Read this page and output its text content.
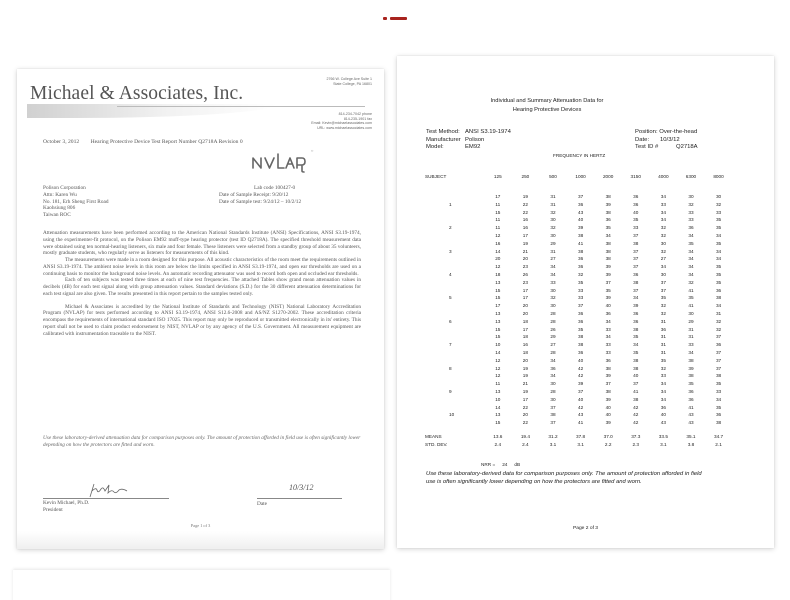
Michael & Associates, Inc.
2766 W. College Ave Suite 1
State College, PA 16801
814-234-7042 phone
814-235-1901 fax
Email: Kevin@michaelassociates.com
URL: www.michaelassociates.com
October 3, 2012 Hearing Protective Device Test Report Number Q2718A Revision 0
®
Polison Corporation
Attn: Karen Wu
No. 181, Erh Sheng First Road
Kaohsiung 806
Taiwan ROC
Lab code 100427-0
Date of Sample Receipt: 9/20/12
Date of Sample test: 9/24/12 – 10/2/12

Attenuation measurements have been performed according to the American National Standards Institute (ANSI) Specifications, ANSI S3.19-1974, using the experimenter-fit protocol, on the Polison EM92 muff-type hearing protector (test ID Q2718A). The specified threshold measurement data were obtained using ten normal-hearing listeners, six male and four female. These listeners were selected from a standby group of about 35 volunteers, mostly graduate students, who regularly serve as listeners for measurements of this kind.

The measurements were made in a room designed for this purpose. All acoustic characteristics of the room meet the requirements outlined in ANSI S3.19-1974. The ambient noise levels in this room are below the limits specified in ANSI S3.19-1974, and open ear thresholds are used on a continuing basis to monitor the background noise levels. An automatic recording attenuator was used to record both open and occluded ear thresholds.

Each of ten subjects was tested three times at each of nine test frequencies. The attached Tables show grand mean attenuation values in decibels (dB) for each test signal along with group attenuation values. Standard deviations (S.D.) for the 30 different attenuation determinations for each test signal are also given. The results presented in this report pertain to the samples tested only.

Michael & Associates is accredited by the National Institute of Standards and Technology (NIST) National Laboratory Accreditation Program (NVLAP) for tests performed according to ANSI S3.19-1974, ANSI S12.6-2008 and AS/NZ S1270-2002. These accreditation criteria encompass the requirements of international standard ISO 17025. This report may only be reproduced or transmitted electronically in its' entirety. This report shall not be used to claim product endorsement by NIST, NVLAP or by any agency of the U.S. Government. All measurement equipment are calibrated with instrumentation traceable to the NIST.

Use these laboratory-derived attenuation data for comparison purposes only. The amount of protection afforded in field use is often significantly lower depending on how the protectors are fitted and worn.
10/3/12
Kevin Michael, Ph.D.
President
Date
Page 1 of 3
Individual and Summary Attenuation Data for
Hearing Protective Devices
Test Method: ANSI S3.19-1974
Manufacturer Polison
Model:	EM92
Position: Over-the-head
Date: 10/3/12
Test ID #	Q2718A
FREQUENCY IN HERTZ
SUBJECT	125	250	500	1000	2000	3150	4000	6300	8000

	17	19	31	37	38	36	34	30	30
1	11	22	31	36	39	36	33	32	32
	15	22	32	43	38	40	34	33	33
	11	16	30	40	36	35	34	33	35
2	11	16	32	39	35	33	32	36	35
	12	17	30	38	34	37	32	34	34
	16	19	29	41	38	38	30	35	35
3	14	21	31	38	38	37	32	34	34
	20	20	27	36	38	37	27	34	34
	12	23	34	36	39	37	34	34	35
4	18	26	34	32	39	36	30	34	35
	13	23	33	35	37	38	37	32	35
	15	17	30	33	35	37	37	41	36
5	15	17	32	33	39	34	35	35	38
	17	20	30	37	40	39	32	41	34
	13	20	28	36	36	36	32	30	31
6	13	18	28	36	34	36	31	29	32
	15	17	26	35	33	38	36	31	32
	15	18	29	38	34	35	31	31	37
7	10	16	27	38	33	34	31	33	36
	14	18	28	36	33	35	31	34	37
	12	20	34	40	36	38	35	38	37
8	12	19	36	42	38	38	32	39	37
	12	19	34	42	39	40	33	38	38
	11	21	30	39	37	37	34	35	35
9	13	19	28	37	38	41	34	36	33
	10	17	30	40	39	38	34	36	34
	14	22	37	42	40	42	36	41	35
10	13	20	38	43	40	42	40	43	36
	15	22	37	41	39	42	43	43	38

MEANS	13.6	19.4	31.2	37.8	37.0	37.3	33.5	35.1	34.7
STD. DEV.	2.4	2.4	3.1	3.1	2.2	2.3	3.1	3.8	2.1
NRR = 24 dB
Use these laboratory-derived data for comparison purposes only. The amount of protection afforded in field use is often significantly lower depending on how the protectors are fitted and worn.
Page 2 of 3
